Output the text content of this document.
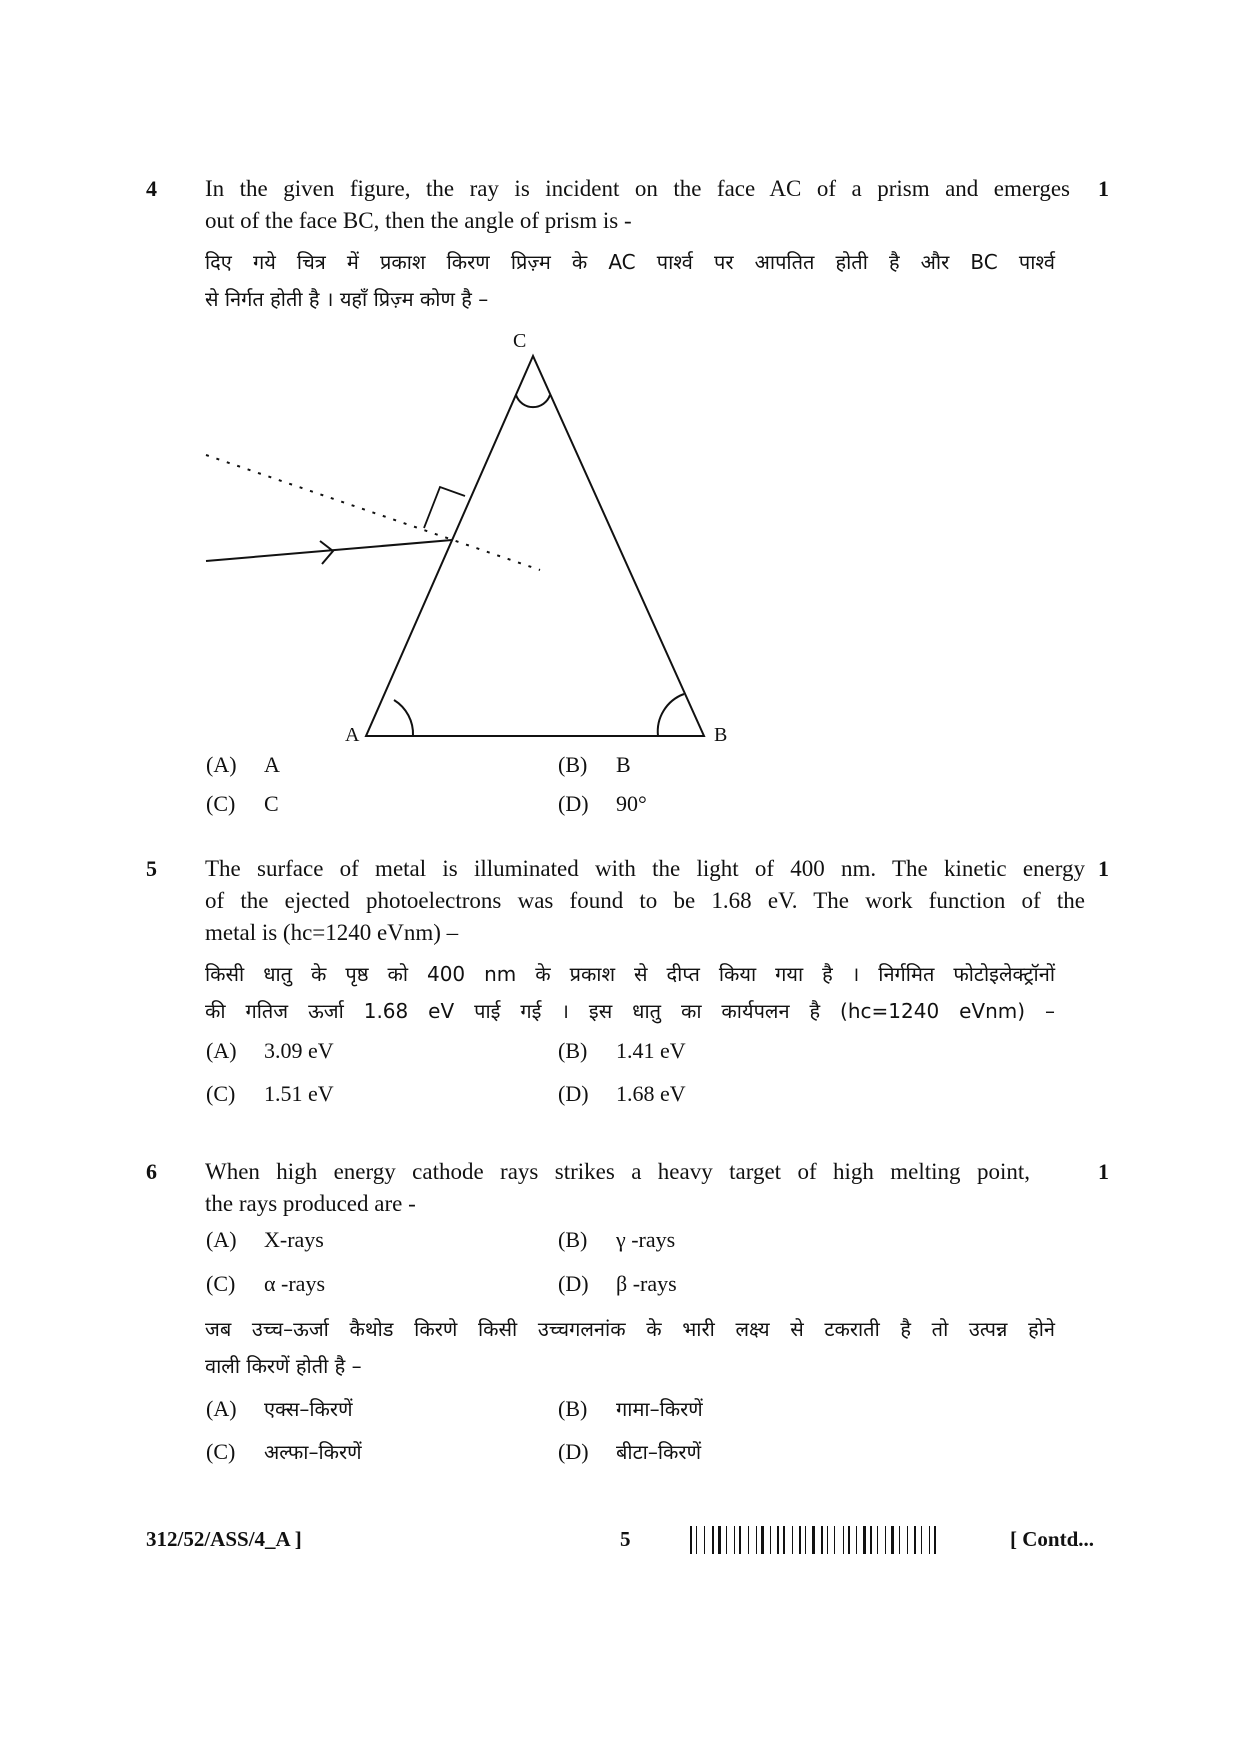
4	1
In the given figure, the ray is incident on the face AC of a prism and emerges
out of the face BC, then the angle of prism is -
दिए गये चित्र में प्रकाश किरण प्रिज़्म के AC पार्श्व पर आपतित होती है और BC पार्श्व
से निर्गत होती है । यहाँ प्रिज़्म कोण है –
C
A	B
(A) A	(B) B
(C) C	(D) 90°
5	1
The surface of metal is illuminated with the light of 400 nm. The kinetic energy
of the ejected photoelectrons was found to be 1.68 eV. The work function of the
metal is (hc=1240 eVnm) –
किसी धातु के पृष्ठ को 400 nm के प्रकाश से दीप्त किया गया है । निर्गमित फोटोइलेक्ट्रॉनों
की गतिज ऊर्जा 1.68 eV पाई गई । इस धातु का कार्यपलन है (hc=1240 eVnm) –
(A) 3.09 eV	(B) 1.41 eV
(C) 1.51 eV	(D) 1.68 eV
6	1
When high energy cathode rays strikes a heavy target of high melting point,
the rays produced are -
(A) X-rays	(B) γ -rays
(C) α -rays	(D) β -rays
जब उच्च–ऊर्जा कैथोड किरणे किसी उच्चगलनांक के भारी लक्ष्य से टकराती है तो उत्पन्न होने
वाली किरणें होती है –
(A) एक्स–किरणें	(B) गामा–किरणें
(C) अल्फा–किरणें	(D) बीटा–किरणें
312/52/ASS/4_A ]	5	[ Contd...
